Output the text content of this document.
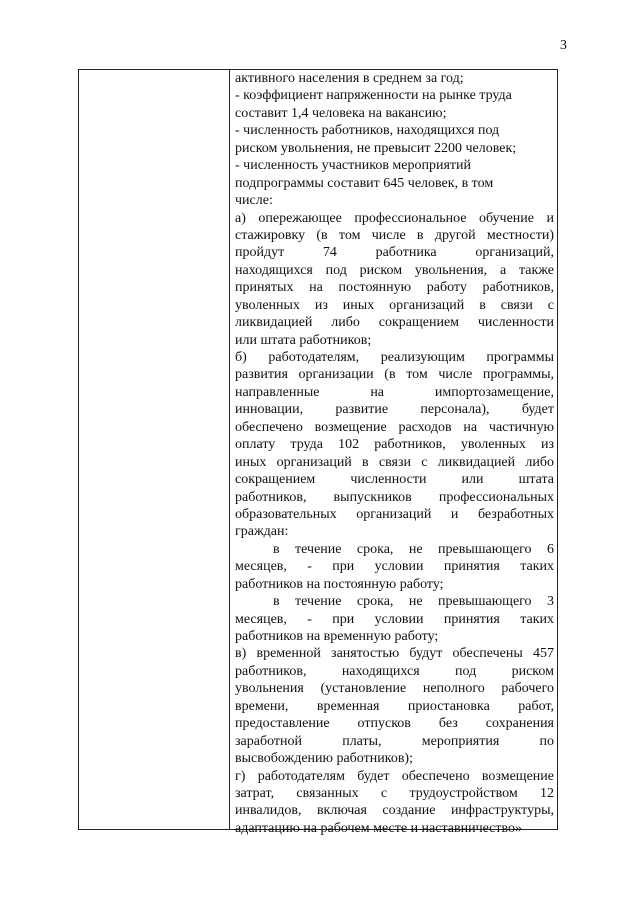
3
активного населения в среднем за год;
- коэффициент напряженности на рынке труда
составит 1,4 человека на вакансию;
- численность работников, находящихся под
риском увольнения, не превысит 2200 человек;
- численность участников мероприятий
подпрограммы составит 645 человек, в том
числе:
а) опережающее профессиональное обучение и
стажировку (в том числе в другой местности)
пройдут 74 работника организаций,
находящихся под риском увольнения, а также
принятых на постоянную работу работников,
уволенных из иных организаций в связи с
ликвидацией либо сокращением численности
или штата работников;
б) работодателям, реализующим программы
развития организации (в том числе программы,
направленные на импортозамещение,
инновации, развитие персонала), будет
обеспечено возмещение расходов на частичную
оплату труда 102 работников, уволенных из
иных организаций в связи с ликвидацией либо
сокращением численности или штата
работников, выпускников профессиональных
образовательных организаций и безработных
граждан:
в течение срока, не превышающего 6
месяцев, - при условии принятия таких
работников на постоянную работу;
в течение срока, не превышающего 3
месяцев, - при условии принятия таких
работников на временную работу;
в) временной занятостью будут обеспечены 457
работников, находящихся под риском
увольнения (установление неполного рабочего
времени, временная приостановка работ,
предоставление отпусков без сохранения
заработной платы, мероприятия по
высвобождению работников);
г) работодателям будет обеспечено возмещение
затрат, связанных с трудоустройством 12
инвалидов, включая создание инфраструктуры,
адаптацию на рабочем месте и наставничество»
